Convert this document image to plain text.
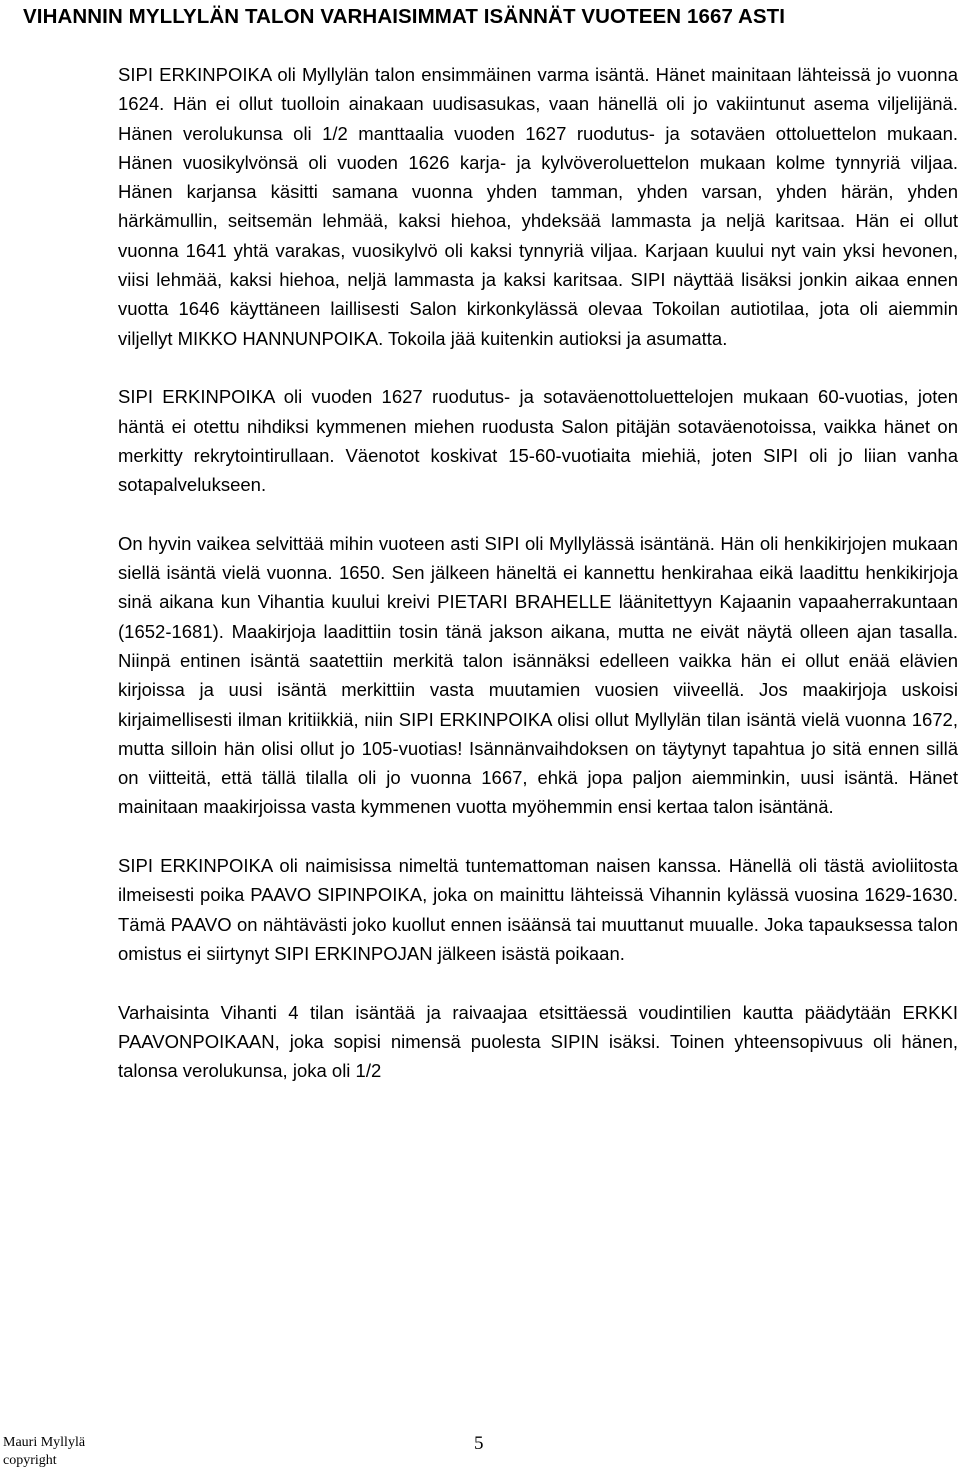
VIHANNIN MYLLYLÄN TALON VARHAISIMMAT ISÄNNÄT VUOTEEN 1667 ASTI

SIPI ERKINPOIKA oli Myllylän talon ensimmäinen varma isäntä. Hänet mainitaan lähteissä jo vuonna 1624. Hän ei ollut tuolloin ainakaan uudisasukas, vaan hänellä oli jo vakiintunut asema viljelijänä. Hänen verolukunsa oli 1/2 manttaalia vuoden 1627 ruodutus- ja sotaväen ottoluettelon mukaan. Hänen vuosikylvönsä oli vuoden 1626 karja- ja kylvöveroluettelon mukaan kolme tynnyriä viljaa. Hänen karjansa käsitti samana vuonna yhden tamman, yhden varsan, yhden härän, yhden härkämullin, seitsemän lehmää, kaksi hiehoa, yhdeksää lammasta ja neljä karitsaa. Hän ei ollut vuonna 1641 yhtä varakas, vuosikylvö oli kaksi tynnyriä viljaa. Karjaan kuului nyt vain yksi hevonen, viisi lehmää, kaksi hiehoa, neljä lammasta ja kaksi karitsaa. SIPI näyttää lisäksi jonkin aikaa ennen vuotta 1646 käyttäneen laillisesti Salon kirkonkylässä olevaa Tokoilan autiotilaa, jota oli aiemmin viljellyt MIKKO HANNUNPOIKA. Tokoila jää kuitenkin autioksi ja asumatta.

SIPI ERKINPOIKA oli vuoden 1627 ruodutus- ja sotaväenottoluettelojen mukaan 60-vuotias, joten häntä ei otettu nihdiksi kymmenen miehen ruodusta Salon pitäjän sotaväenotoissa, vaikka hänet on merkitty rekrytointirullaan. Väenotot koskivat 15-60-vuotiaita miehiä, joten SIPI oli jo liian vanha sotapalvelukseen.

On hyvin vaikea selvittää mihin vuoteen asti SIPI oli Myllylässä isäntänä. Hän oli henkikirjojen mukaan siellä isäntä vielä vuonna. 1650. Sen jälkeen häneltä ei kannettu henkirahaa eikä laadittu henkikirjoja sinä aikana kun Vihantia kuului kreivi PIETARI BRAHELLE läänitettyyn Kajaanin vapaaherrakuntaan (1652-1681). Maakirjoja laadittiin tosin tänä jakson aikana, mutta ne eivät näytä olleen ajan tasalla. Niinpä entinen isäntä saatettiin merkitä talon isännäksi edelleen vaikka hän ei ollut enää elävien kirjoissa ja uusi isäntä merkittiin vasta muutamien vuosien viiveellä. Jos maakirjoja uskoisi kirjaimellisesti ilman kritiikkiä, niin SIPI ERKINPOIKA olisi ollut Myllylän tilan isäntä vielä vuonna 1672, mutta silloin hän olisi ollut jo 105-vuotias! Isännänvaihdoksen on täytynyt tapahtua jo sitä ennen sillä on viitteitä, että tällä tilalla oli jo vuonna 1667, ehkä jopa paljon aiemminkin, uusi isäntä. Hänet mainitaan maakirjoissa vasta kymmenen vuotta myöhemmin ensi kertaa talon isäntänä.

SIPI ERKINPOIKA oli naimisissa nimeltä tuntemattoman naisen kanssa. Hänellä oli tästä avioliitosta ilmeisesti poika PAAVO SIPINPOIKA, joka on mainittu lähteissä Vihannin kylässä vuosina 1629-1630. Tämä PAAVO on nähtävästi joko kuollut ennen isäänsä tai muuttanut muualle. Joka tapauksessa talon omistus ei siirtynyt SIPI ERKINPOJAN jälkeen isästä poikaan.

Varhaisinta Vihanti 4 tilan isäntää ja raivaajaa etsittäessä voudintilien kautta päädytään ERKKI PAAVONPOIKAAN, joka sopisi nimensä puolesta SIPIN isäksi. Toinen yhteensopivuus oli hänen, talonsa verolukunsa, joka oli 1/2

Mauri Myllylä
copyright
5
